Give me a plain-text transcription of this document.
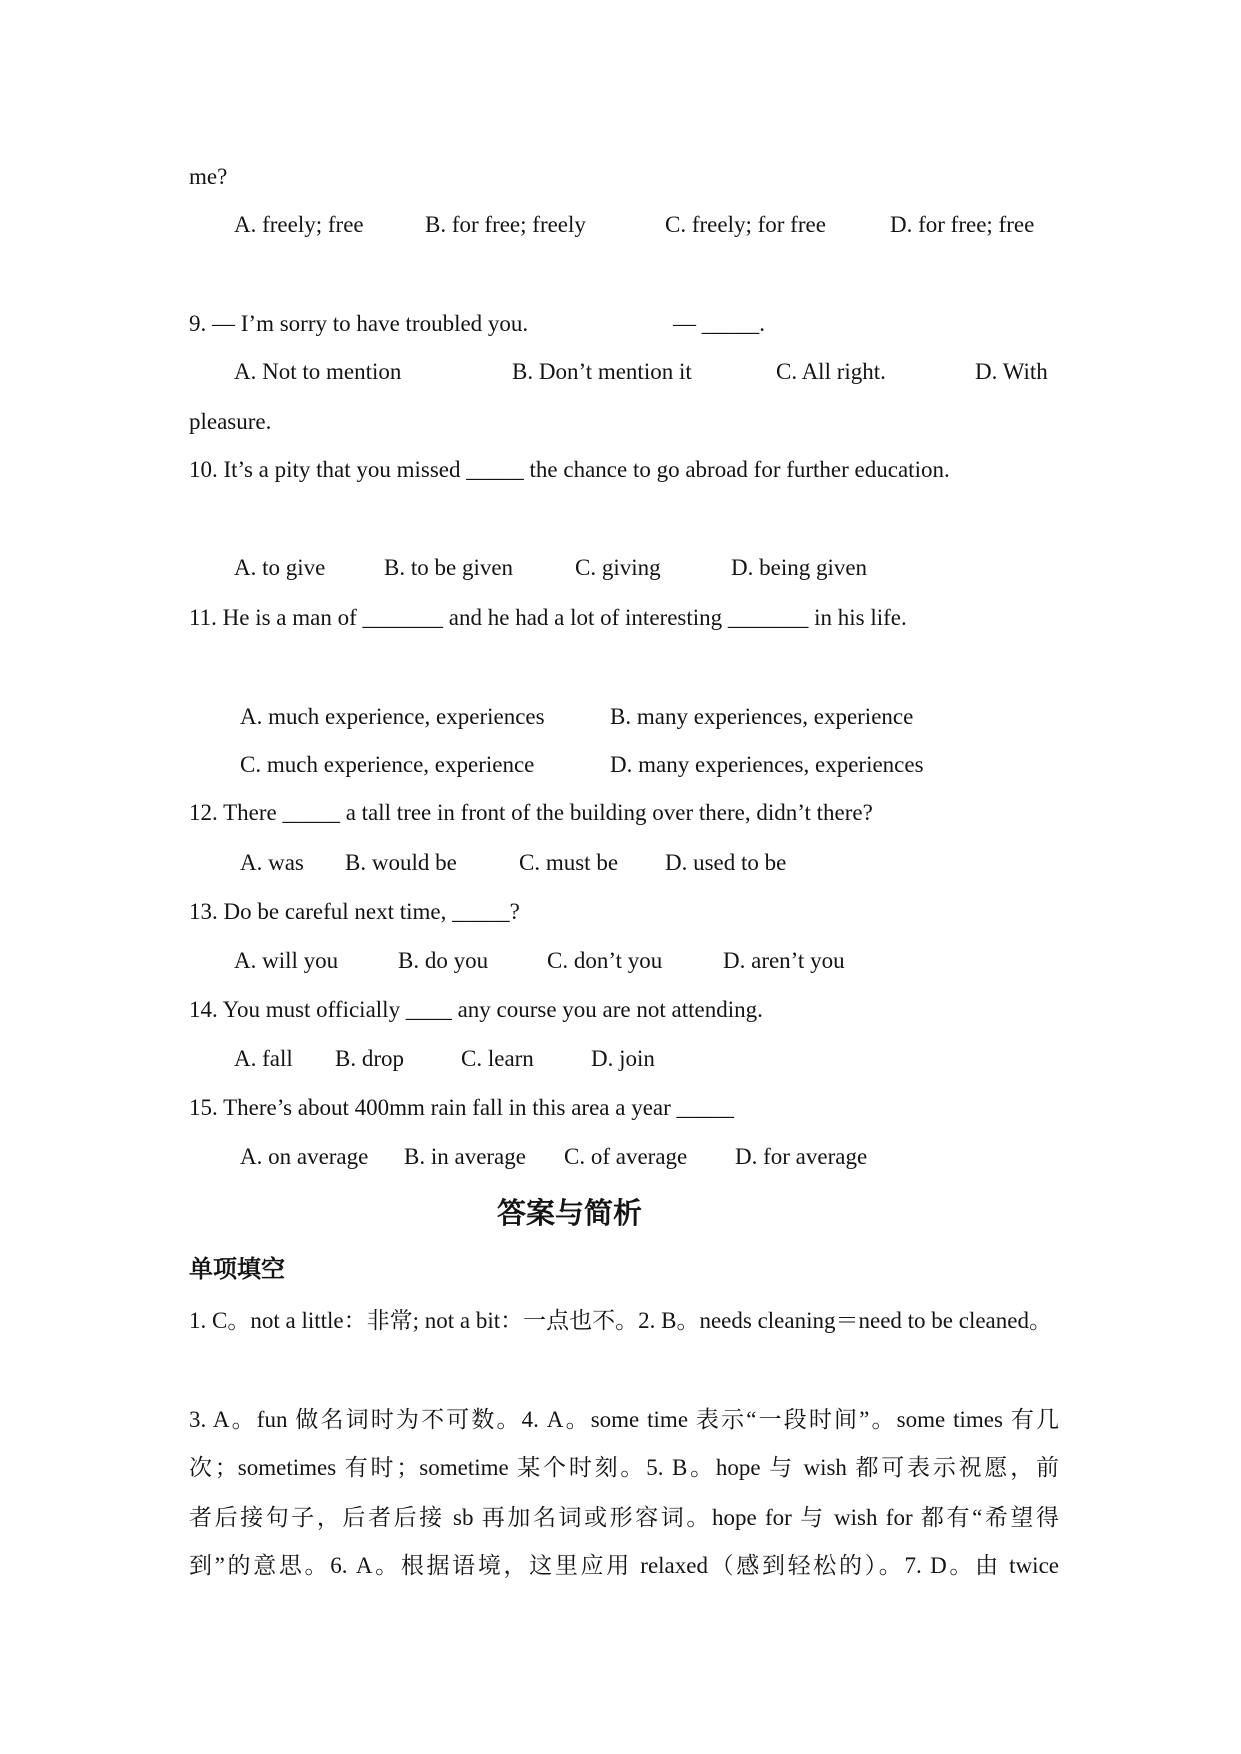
me?
A. freely; free	B. for free; freely	C. freely; for free	D. for free; free
9. — I’m sorry to have troubled you.	— _____.
A. Not to mention	B. Don’t mention it	C. All right.	D. With
pleasure.
10. It’s a pity that you missed _____ the chance to go abroad for further education.
A. to give	B. to be given	C. giving	D. being given
11. He is a man of _______ and he had a lot of interesting _______ in his life.
A. much experience, experiences	B. many experiences, experience
C. much experience, experience	D. many experiences, experiences
12. There _____ a tall tree in front of the building over there, didn’t there?
A. was B. would be	C. must be D. used to be
13. Do be careful next time, _____?
A. will you	B. do you	C. don’t you	D. aren’t you
14. You must officially ____ any course you are not attending.
A. fall B. drop C. learn D. join
15. There’s about 400mm rain fall in this area a year _____
A. on average B. in average C. of average D. for average
答案与简析
单项填空
1. C。not a little：非常; not a bit：一点也不。2. B。needs cleaning＝need to be cleaned。
3. A。fun 做名词时为不可数。4. A。some time 表示“一段时间”。some times 有几
次；sometimes 有时；sometime 某个时刻。5. B。hope 与 wish 都可表示祝愿，前
者后接句子，后者后接 sb 再加名词或形容词。hope for 与 wish for 都有“希望得
到”的意思。6. A。根据语境，这里应用 relaxed（感到轻松的）。7. D。由 twice
